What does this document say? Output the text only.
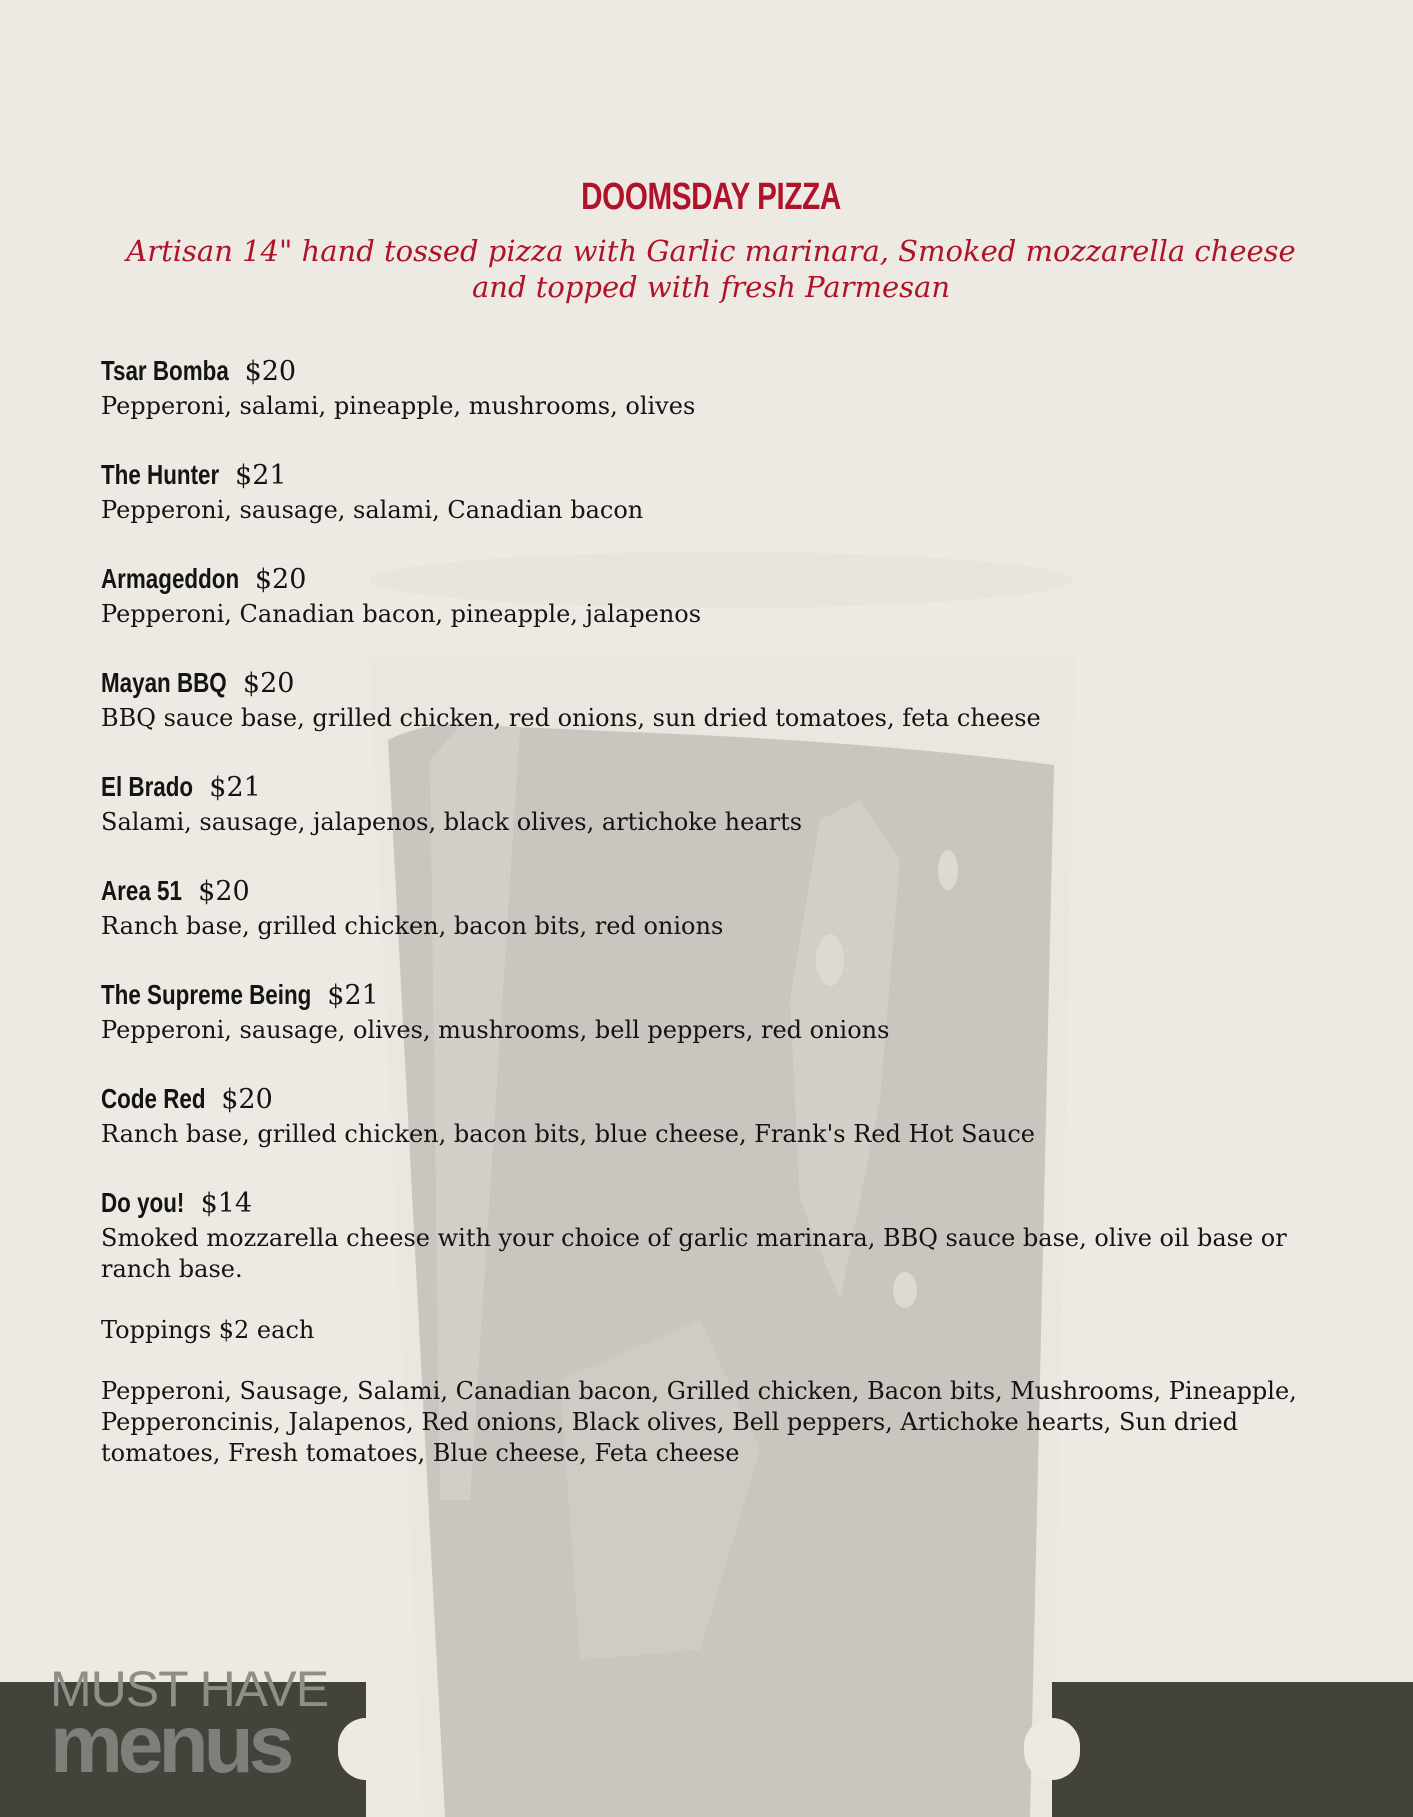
MUST HAVE
menus
DOOMSDAY PIZZA
Artisan 14" hand tossed pizza with Garlic marinara, Smoked mozzarella cheese and topped with fresh Parmesan
Tsar Bomba $20
Pepperoni, salami, pineapple, mushrooms, olives
The Hunter $21
Pepperoni, sausage, salami, Canadian bacon
Armageddon $20
Pepperoni, Canadian bacon, pineapple, jalapenos
Mayan BBQ $20
BBQ sauce base, grilled chicken, red onions, sun dried tomatoes, feta cheese
El Brado $21
Salami, sausage, jalapenos, black olives, artichoke hearts
Area 51 $20
Ranch base, grilled chicken, bacon bits, red onions
The Supreme Being $21
Pepperoni, sausage, olives, mushrooms, bell peppers, red onions
Code Red $20
Ranch base, grilled chicken, bacon bits, blue cheese, Frank's Red Hot Sauce
Do you! $14
Smoked mozzarella cheese with your choice of garlic marinara, BBQ sauce base, olive oil base or ranch base.
Toppings $2 each
Pepperoni, Sausage, Salami, Canadian bacon, Grilled chicken, Bacon bits, Mushrooms, Pineapple, Pepperoncinis, Jalapenos, Red onions, Black olives, Bell peppers, Artichoke hearts, Sun dried tomatoes, Fresh tomatoes, Blue cheese, Feta cheese
